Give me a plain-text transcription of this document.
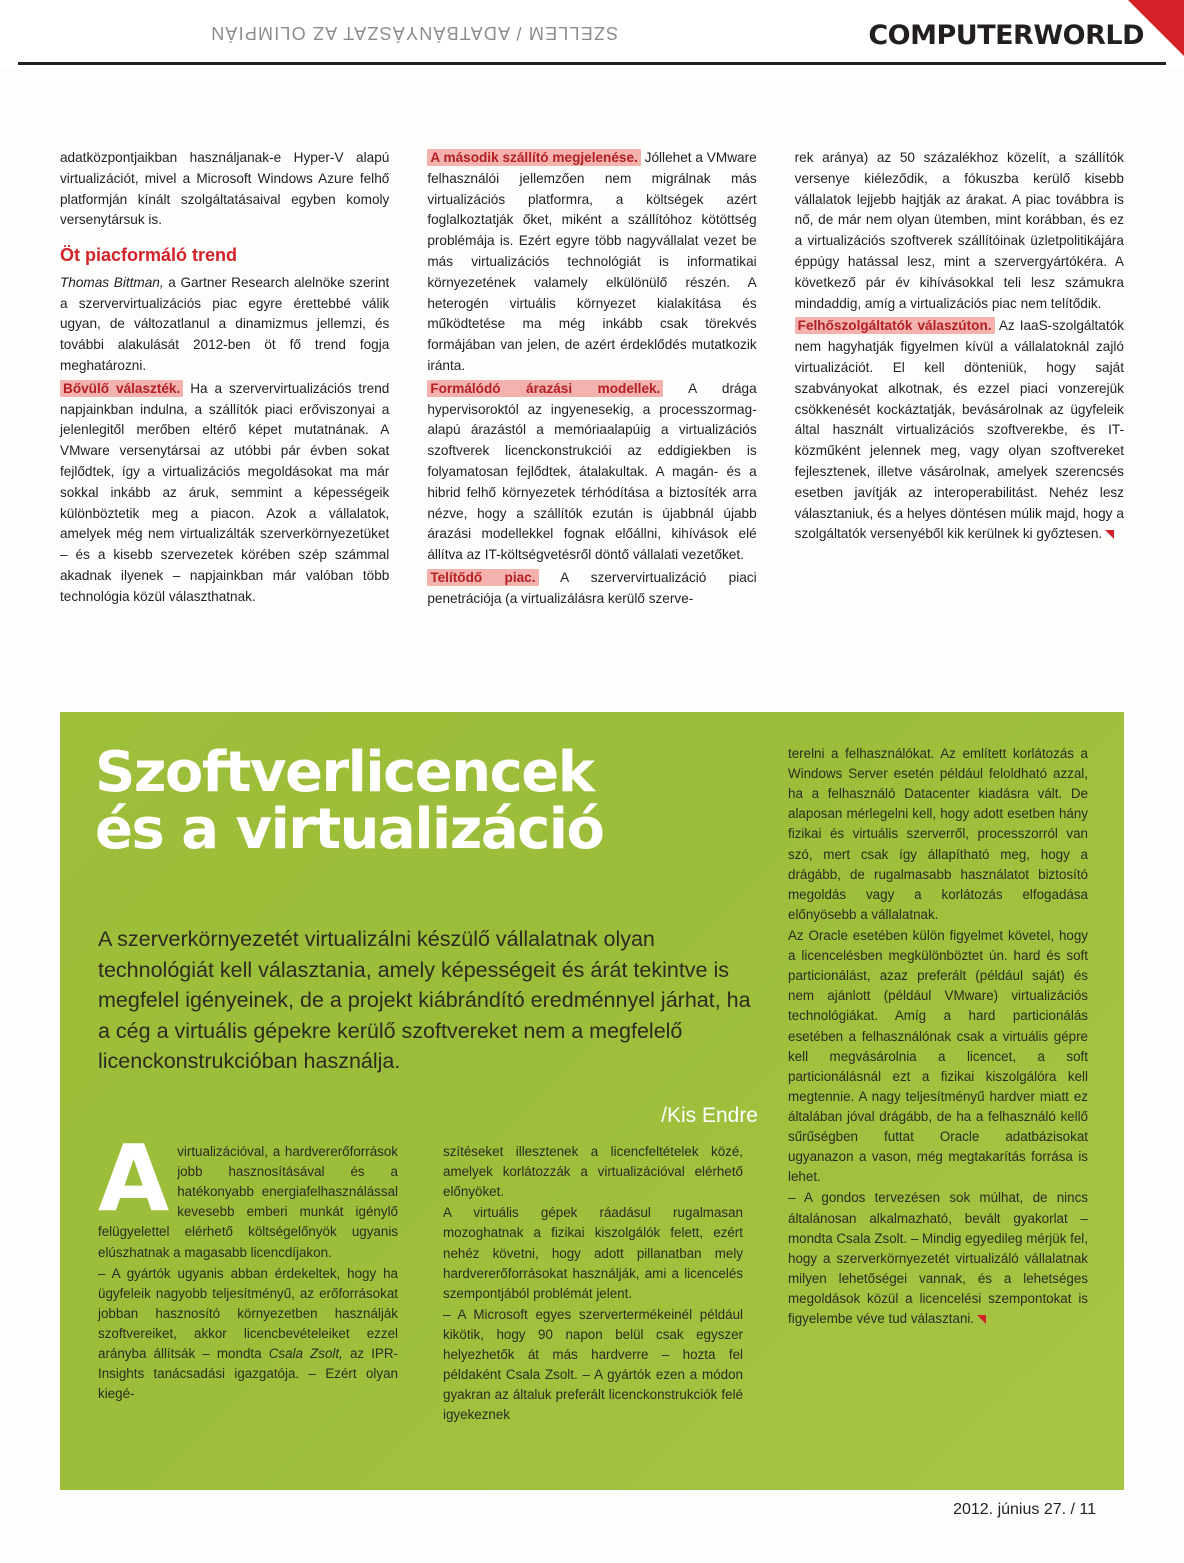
SZELLEM / ADATBÁNYÁSZAT AZ OLIMPIÁN	COMPUTERWORLD

adatközpontjaikban használjanak-e Hyper-V alapú virtualizációt, mivel a Microsoft Windows Azure felhő platformján kínált szolgáltatásaival egyben komoly versenytársuk is.

Öt piacformáló trend

Thomas Bittman, a Gartner Research alelnöke szerint a szervervirtualizációs piac egyre érettebbé válik ugyan, de változatlanul a dinamizmus jellemzi, és további alakulását 2012-ben öt fő trend fogja meghatározni.

Bővülő választék. Ha a szervervirtualizációs trend napjainkban indulna, a szállítók piaci erőviszonyai a jelenlegitől merőben eltérő képet mutatnának. A VMware versenytársai az utóbbi pár évben sokat fejlődtek, így a virtualizációs megoldásokat ma már sokkal inkább az áruk, semmint a képességeik különböztetik meg a piacon. Azok a vállalatok, amelyek még nem virtualizálták szerverkörnyezetüket – és a kisebb szervezetek körében szép számmal akadnak ilyenek – napjainkban már valóban több technológia közül választhatnak.

A második szállító megjelenése. Jóllehet a VMware felhasználói jellemzően nem migrálnak más virtualizációs platformra, a költségek azért foglalkoztatják őket, miként a szállítóhoz kötöttség problémája is. Ezért egyre több nagyvállalat vezet be más virtualizációs technológiát is informatikai környezetének valamely elkülönülő részén. A heterogén virtuális környezet kialakítása és működtetése ma még inkább csak törekvés formájában van jelen, de azért érdeklődés mutatkozik iránta.

Formálódó árazási modellek. A drága hypervisoroktól az ingyenesekig, a processzormag-alapú árazástól a memóriaalapúig a virtualizációs szoftverek licenckonstrukciói az eddigiekben is folyamatosan fejlődtek, átalakultak. A magán- és a hibrid felhő környezetek térhódítása a biztosíték arra nézve, hogy a szállítók ezután is újabbnál újabb árazási modellekkel fognak előállni, kihívások elé állítva az IT-költségvetésről döntő vállalati vezetőket.

Telítődő piac. A szervervirtualizáció piaci penetrációja (a virtualizálásra kerülő szerve-

rek aránya) az 50 százalékhoz közelít, a szállítók versenye kiéleződik, a fókuszba kerülő kisebb vállalatok lejjebb hajtják az árakat. A piac továbbra is nő, de már nem olyan ütemben, mint korábban, és ez a virtualizációs szoftverek szállítóinak üzletpolitikájára éppúgy hatással lesz, mint a szervergyártókéra. A következő pár év kihívásokkal teli lesz számukra mindaddig, amíg a virtualizációs piac nem telítődik.

Felhőszolgáltatók válaszúton. Az IaaS-szolgáltatók nem hagyhatják figyelmen kívül a vállalatoknál zajló virtualizációt. El kell dönteniük, hogy saját szabványokat alkotnak, és ezzel piaci vonzerejük csökkenését kockáztatják, bevásárolnak az ügyfeleik által használt virtualizációs szoftverekbe, és IT-közműként jelennek meg, vagy olyan szoftvereket fejlesztenek, illetve vásárolnak, amelyek szerencsés esetben javítják az interoperabilitást. Nehéz lesz választaniuk, és a helyes döntésen múlik majd, hogy a szolgáltatók versenyéből kik kerülnek ki győztesen.

Szoftverlicencek
és a virtualizáció
A szerverkörnyezetét virtualizálni készülő vállalatnak olyan technológiát kell választania, amely képességeit és árát tekintve is megfelel igényeinek, de a projekt kiábrándító eredménnyel járhat, ha a cég a virtuális gépekre kerülő szoftvereket nem a megfelelő licenckonstrukcióban használja.
/Kis Endre

Avirtualizációval, a hardvererőforrások jobb hasznosításával és a hatékonyabb energiafelhasználással kevesebb emberi munkát igénylő felügyelettel elérhető költségelőnyök ugyanis elúszhatnak a magasabb licencdíjakon.

– A gyártók ugyanis abban érdekeltek, hogy ha ügyfeleik nagyobb teljesítményű, az erőforrásokat jobban hasznosító környezetben használják szoftvereiket, akkor licencbevételeiket ezzel arányba állítsák – mondta Csala Zsolt, az IPR-Insights tanácsadási igazgatója. – Ezért olyan kiegé-

szítéseket illesztenek a licencfeltételek közé, amelyek korlátozzák a virtualizációval elérhető előnyöket.

A virtuális gépek ráadásul rugalmasan mozoghatnak a fizikai kiszolgálók felett, ezért nehéz követni, hogy adott pillanatban mely hardvererőforrásokat használják, ami a licencelés szempontjából problémát jelent.

– A Microsoft egyes szervertermékeinél például kikötik, hogy 90 napon belül csak egyszer helyezhetők át más hardverre – hozta fel példaként Csala Zsolt. – A gyártók ezen a módon gyakran az általuk preferált licenckonstrukciók felé igyekeznek

terelni a felhasználókat. Az említett korlátozás a Windows Server esetén például feloldható azzal, ha a felhasználó Datacenter kiadásra vált. De alaposan mérlegelni kell, hogy adott esetben hány fizikai és virtuális szerverről, processzorról van szó, mert csak így állapítható meg, hogy a drágább, de rugalmasabb használatot biztosító megoldás vagy a korlátozás elfogadása előnyösebb a vállalatnak.

Az Oracle esetében külön figyelmet követel, hogy a licencelésben megkülönböztet ún. hard és soft particionálást, azaz preferált (például saját) és nem ajánlott (például VMware) virtualizációs technológiákat. Amíg a hard particionálás esetében a felhasználónak csak a virtuális gépre kell megvásárolnia a licencet, a soft particionálásnál ezt a fizikai kiszolgálóra kell megtennie. A nagy teljesítményű hardver miatt ez általában jóval drágább, de ha a felhasználó kellő sűrűségben futtat Oracle adatbázisokat ugyanazon a vason, még megtakarítás forrása is lehet.

– A gondos tervezésen sok múlhat, de nincs általánosan alkalmazható, bevált gyakorlat – mondta Csala Zsolt. – Mindig egyedileg mérjük fel, hogy a szerverkörnyezetét virtualizáló vállalatnak milyen lehetőségei vannak, és a lehetséges megoldások közül a licencelési szempontokat is figyelembe véve tud választani.

2012. június 27. / 11
